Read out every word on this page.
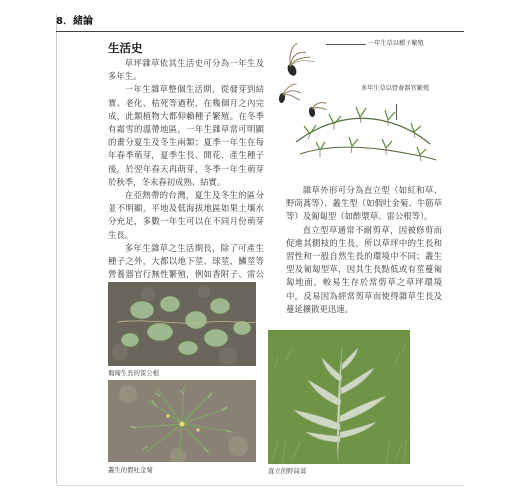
8．緒論
生活史

草坪雜草依其生活史可分為一年生及多年生。

一年生雜草整個生活期，從發芽到結實、老化、枯死等過程，在幾個月之內完成，此類植物大都仰賴種子繁殖。在冬季有霜雪的溫帶地區，一年生雜草常可明顯的畫分夏生及冬生兩類；夏季一年生在每年春季萌芽，夏季生長、開花、產生種子後，於翌年春天再萌芽，冬季一年生萌芽於秋季，冬末春初成熟、結實。

在亞熱帶的台灣，夏生及冬生的區分並不明顯，平地及低海拔地區如果土壤水分充足，多數一年生可以在不同月份萌芽生長。

多年生雜草之生活期長，除了可產生種子之外，大都以地下莖、球莖、鱗莖等營養器官行無性繁殖，例如香附子、雷公

一年生草以種子繁殖
多年生草以營養器官繁殖

雜草外形可分為直立型（如紅和草、野茼蒿等）、叢生型（如假吐金菊、牛筋草等）及匍匐型（如酢漿草、雷公根等）。

直立型草通常不耐剪草，因被修剪而促進其側枝的生長，所以草坪中的生長和習性和一般自然生長的環境中不同；叢生型及匍匐型草，因其生長點低或有莖蔓匍匐地面，較易生存於常剪草之草坪環境中，反易因為經常剪草而使得雜草生長及蔓延擴散更迅速。

匍匐生長的雷公根
叢生的假吐金菊	直立的野茼蒿
